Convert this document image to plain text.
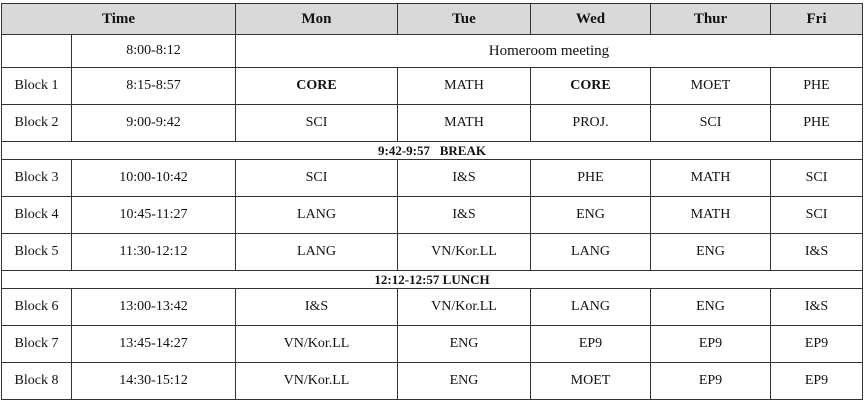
Time		Mon	Tue	Wed	Thur	Fri
	8:00-8:12	Homeroom meeting				
Block 1	8:15-8:57	CORE	MATH	CORE	MOET	PHE
Block 2	9:00-9:42	SCI	MATH	PROJ.	SCI	PHE
9:42-9:57   BREAK						
Block 3	10:00-10:42	SCI	I&S	PHE	MATH	SCI
Block 4	10:45-11:27	LANG	I&S	ENG	MATH	SCI
Block 5	11:30-12:12	LANG	VN/Kor.LL	LANG	ENG	I&S
12:12-12:57 LUNCH						
Block 6	13:00-13:42	I&S	VN/Kor.LL	LANG	ENG	I&S
Block 7	13:45-14:27	VN/Kor.LL	ENG	EP9	EP9	EP9
Block 8	14:30-15:12	VN/Kor.LL	ENG	MOET	EP9	EP9
